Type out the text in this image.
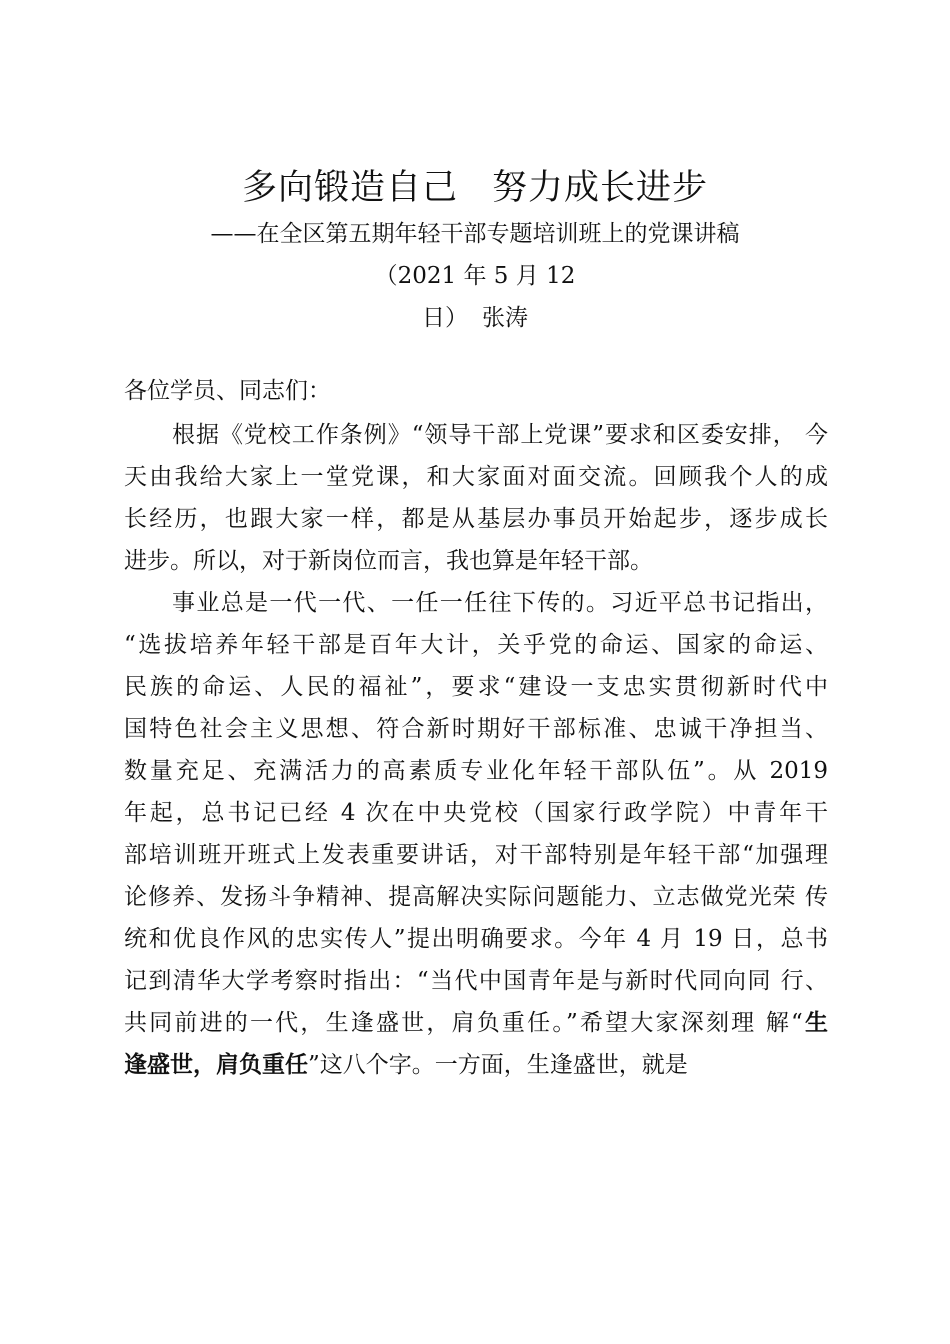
多向锻造自己 努力成长进步
——在全区第五期年轻干部专题培训班上的党课讲稿
（2021 年 5 月 12
日） 张涛
各位学员、同志们：
根据《党校工作条例》“领导干部上党课”要求和区委安排， 今
天由我给大家上一堂党课，和大家面对面交流。回顾我个人的成
长经历，也跟大家一样，都是从基层办事员开始起步，逐步成长
进步。所以，对于新岗位而言，我也算是年轻干部。
事业总是一代一代、一任一任往下传的。习近平总书记指出，
“选拔培养年轻干部是百年大计，关乎党的命运、国家的命运、
民族的命运、人民的福祉”，要求“建设一支忠实贯彻新时代中
国特色社会主义思想、符合新时期好干部标准、忠诚干净担当、
数量充足、充满活力的高素质专业化年轻干部队伍”。从 2019
年起，总书记已经 4 次在中央党校（国家行政学院）中青年干
部培训班开班式上发表重要讲话，对干部特别是年轻干部“加强理
论修养、发扬斗争精神、提高解决实际问题能力、立志做党光荣 传
统和优良作风的忠实传人”提出明确要求。今年 4 月 19 日，总书
记到清华大学考察时指出：“当代中国青年是与新时代同向同 行、
共同前进的一代，生逢盛世，肩负重任。”希望大家深刻理 解“生
逢盛世，肩负重任”这八个字。一方面，生逢盛世，就是
